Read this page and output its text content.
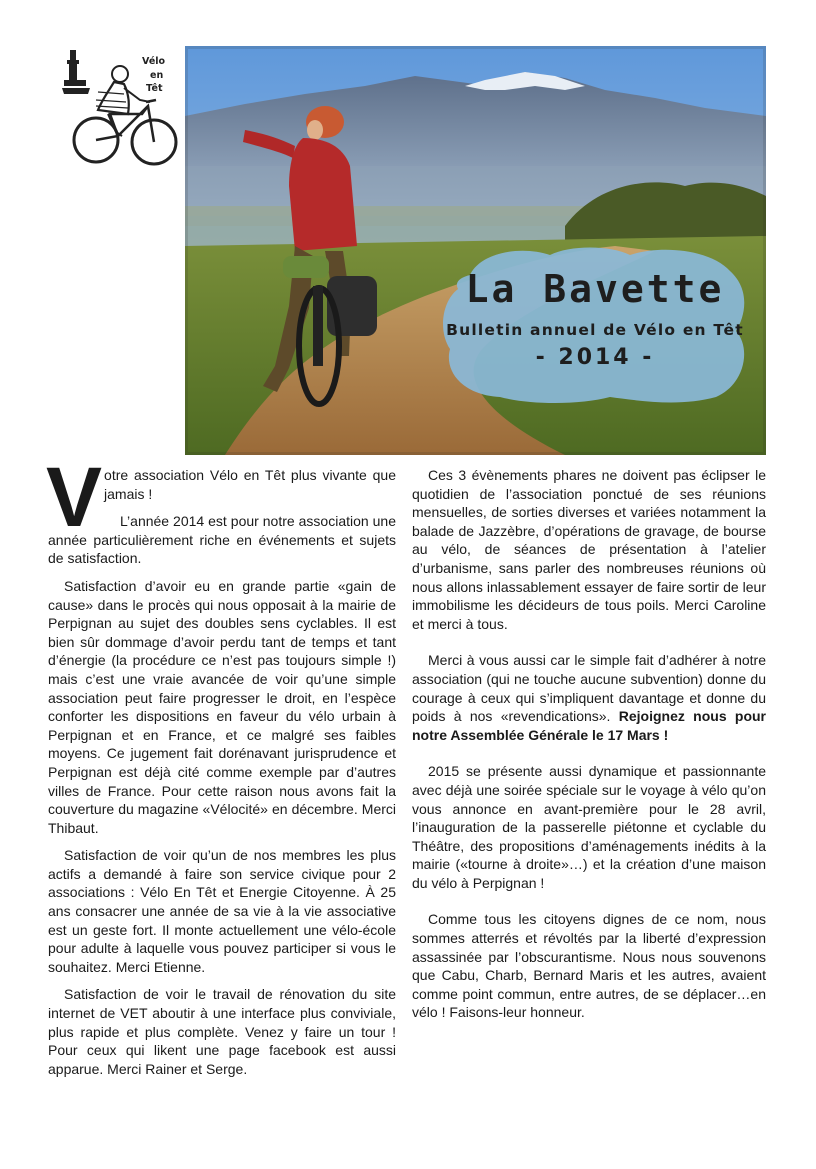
Vélo
en
Têt
La Bavette
Bulletin annuel de Vélo en Têt
- 2014 -

Votre association Vélo en Têt plus vivante que jamais !

L’année 2014 est pour notre association une année particulièrement riche en événements et sujets de satisfaction.

Satisfaction d’avoir eu en grande partie «gain de cause» dans le procès qui nous opposait à la mairie de Perpignan au sujet des doubles sens cyclables. Il est bien sûr dommage d’avoir perdu tant de temps et tant d’énergie (la procédure ce n’est pas toujours simple !) mais c’est une vraie avancée de voir qu’une simple association peut faire progresser le droit, en l’espèce conforter les dispositions en faveur du vélo urbain à Perpignan et en France, et ce malgré ses faibles moyens. Ce jugement fait dorénavant jurisprudence et Perpignan est déjà cité comme exemple par d’autres villes de France. Pour cette raison nous avons fait la couverture du magazine «Vélocité» en décembre. Merci Thibaut.

Satisfaction de voir qu’un de nos membres les plus actifs a demandé à faire son service civique pour 2 associations : Vélo En Têt et Energie Citoyenne. À 25 ans consacrer une année de sa vie à la vie associative est un geste fort. Il monte actuellement une vélo-école pour adulte à laquelle vous pouvez participer si vous le souhaitez. Merci Etienne.

Satisfaction de voir le travail de rénovation du site internet de VET aboutir à une interface plus conviviale, plus rapide et plus complète. Venez y faire un tour ! Pour ceux qui likent une page facebook est aussi apparue. Merci Rainer et Serge.

Ces 3 évènements phares ne doivent pas éclipser le quotidien de l’association ponctué de ses réunions mensuelles, de sorties diverses et variées notamment la balade de Jazzèbre, d’opérations de gravage, de bourse au vélo, de séances de présentation à l’atelier d’urbanisme, sans parler des nombreuses réunions où nous allons inlassablement essayer de faire sortir de leur immobilisme les décideurs de tous poils. Merci Caroline et merci à tous.

Merci à vous aussi car le simple fait d’adhérer à notre association (qui ne touche aucune subvention) donne du courage à ceux qui s’impliquent davantage et donne du poids à nos «revendications». Rejoignez nous pour notre Assemblée Générale le 17 Mars !

2015 se présente aussi dynamique et passionnante avec déjà une soirée spéciale sur le voyage à vélo qu’on vous annonce en avant-première pour le 28 avril, l’inauguration de la passerelle piétonne et cyclable du Théâtre, des propositions d’aménagements inédits à la mairie («tourne à droite»…) et la création d’une maison du vélo à Perpignan !

Comme tous les citoyens dignes de ce nom, nous sommes atterrés et révoltés par la liberté d’expression assassinée par l’obscurantisme. Nous nous souvenons que Cabu, Charb, Bernard Maris et les autres, avaient comme point commun, entre autres, de se déplacer…en vélo ! Faisons-leur honneur.
